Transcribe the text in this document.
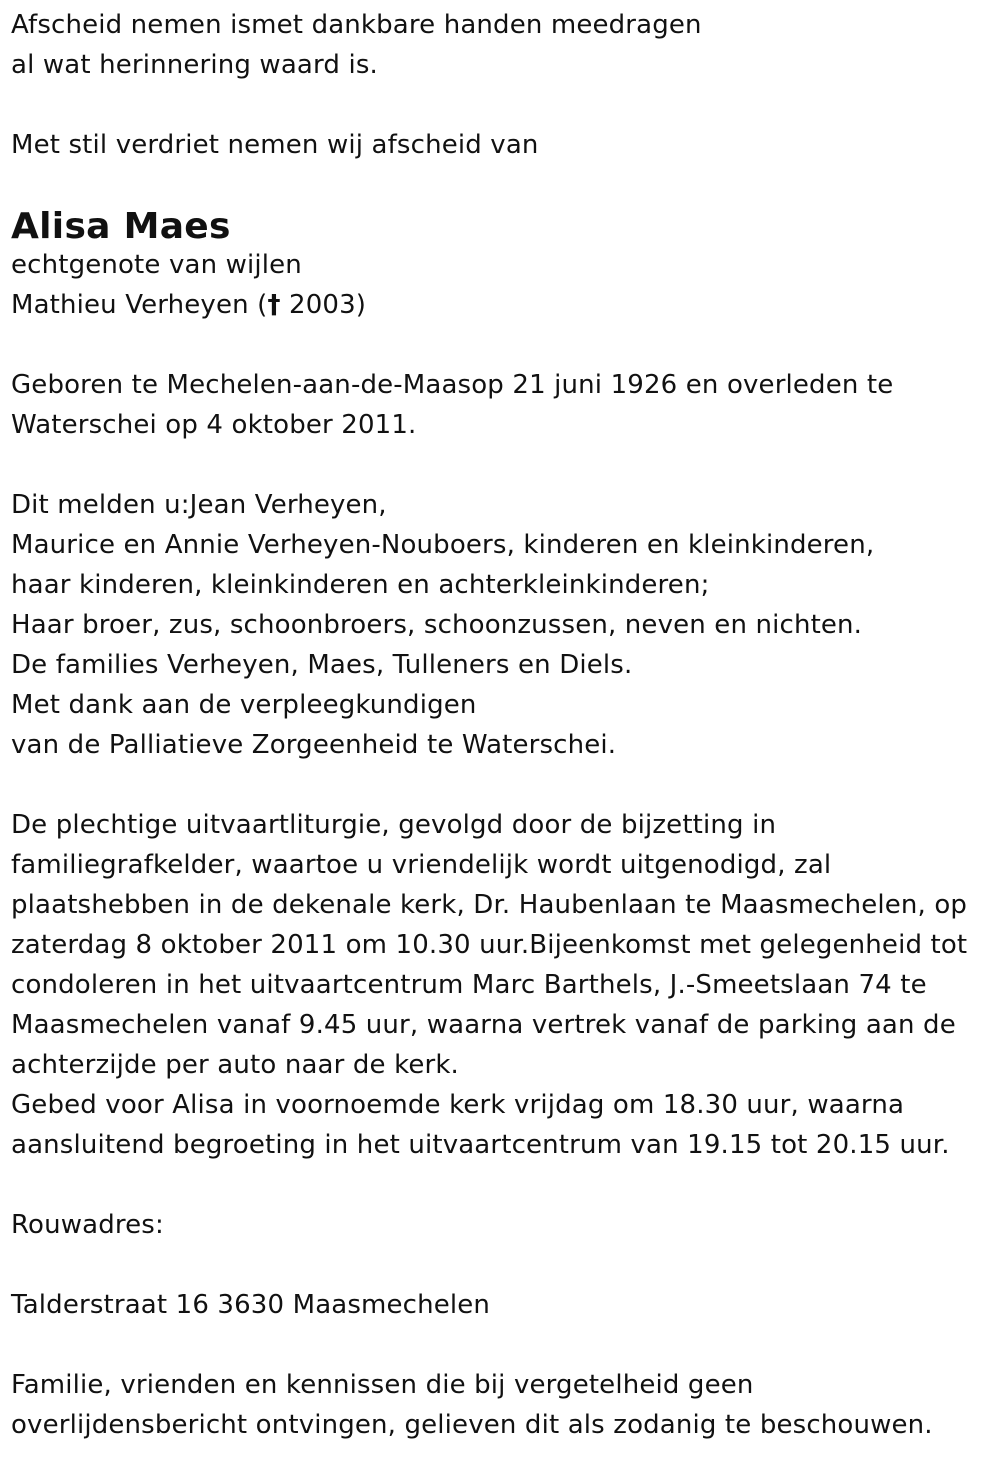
Afscheid nemen ismet dankbare handen meedragen
al wat herinnering waard is.
Met stil verdriet nemen wij afscheid van
Alisa Maes
echtgenote van wijlen
Mathieu Verheyen († 2003)
Geboren te Mechelen-aan-de-Maasop 21 juni 1926 en overleden te
Waterschei op 4 oktober 2011.
Dit melden u:Jean Verheyen,
Maurice en Annie Verheyen-Nouboers, kinderen en kleinkinderen,
haar kinderen, kleinkinderen en achterkleinkinderen;
Haar broer, zus, schoonbroers, schoonzussen, neven en nichten.
De families Verheyen, Maes, Tulleners en Diels.
Met dank aan de verpleegkundigen
van de Palliatieve Zorgeenheid te Waterschei.
De plechtige uitvaartliturgie, gevolgd door de bijzetting in
familiegrafkelder, waartoe u vriendelijk wordt uitgenodigd, zal
plaatshebben in de dekenale kerk, Dr. Haubenlaan te Maasmechelen, op
zaterdag 8 oktober 2011 om 10.30 uur.Bijeenkomst met gelegenheid tot
condoleren in het uitvaartcentrum Marc Barthels, J.-Smeetslaan 74 te
Maasmechelen vanaf 9.45 uur, waarna vertrek vanaf de parking aan de
achterzijde per auto naar de kerk.
Gebed voor Alisa in voornoemde kerk vrijdag om 18.30 uur, waarna
aansluitend begroeting in het uitvaartcentrum van 19.15 tot 20.15 uur.
Rouwadres:
Talderstraat 16 3630 Maasmechelen
Familie, vrienden en kennissen die bij vergetelheid geen
overlijdensbericht ontvingen, gelieven dit als zodanig te beschouwen.
